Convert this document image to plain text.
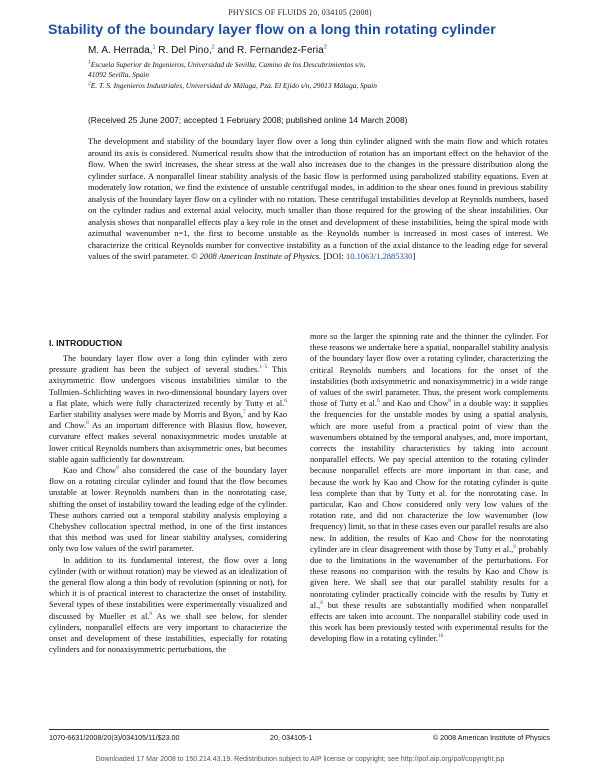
PHYSICS OF FLUIDS 20, 034105 (2008)
Stability of the boundary layer flow on a long thin rotating cylinder
M. A. Herrada,$^1$ R. Del Pino,$^2$ and R. Fernandez-Feria$^2$
$^1$Escuela Superior de Ingenieros, Universidad de Sevilla, Camino de los Descubrimientos s/n,
41092 Sevilla, Spain
$^2$E. T. S. Ingenieros Industriales, Universidad de Málaga, Pza. El Ejido s/n, 29013 Málaga, Spain
(Received 25 June 2007; accepted 1 February 2008; published online 14 March 2008)
The development and stability of the boundary layer flow over a long thin cylinder aligned with the main flow and which rotates around its axis is considered. Numerical results show that the introduction of rotation has an important effect on the behavior of the flow. When the swirl increases, the shear stress at the wall also increases due to the changes in the pressure distribution along the cylinder surface. A nonparallel linear stability analysis of the basic flow is performed using parabolized stability equations. Even at moderately low rotation, we find the existence of unstable centrifugal modes, in addition to the shear ones found in previous stability analysis of the boundary layer flow on a cylinder with no rotation. These centrifugal instabilities develop at Reynolds numbers, based on the cylinder radius and external axial velocity, much smaller than those required for the growing of the shear instabilities. Our analysis shows that nonparallel effects play a key role in the onset and development of these instabilities, being the spiral mode with azimuthal wavenumber n=1, the first to become unstable as the Reynolds number is increased in most cases of interest. We characterize the critical Reynolds number for convective instability as a function of the axial distance to the leading edge for several values of the swirl parameter. © 2008 American Institute of Physics. [DOI: 10.1063/1.2885330]
I. INTRODUCTION

The boundary layer flow over a long thin cylinder with zero pressure gradient has been the subject of several studies.$^{1-5}$ This axisymmetric flow undergoes viscous instabilities similar to the Tollmien–Schlichting waves in two-dimensional boundary layers over a flat plate, which were fully characterized recently by Tutty et al.$^6$ Earlier stability analyses were made by Morris and Byon,$^7$ and by Kao and Chow.$^8$ As an important difference with Blasius flow, however, curvature effect makes several nonaxisymmetric modes unstable at lower critical Reynolds numbers than axisymmetric ones, but becomes stable again sufficiently far downstream.

Kao and Chow$^8$ also considered the case of the boundary layer flow on a rotating circular cylinder and found that the flow becomes unstable at lower Reynolds numbers than in the nonrotating case, shifting the onset of instability toward the leading edge of the cylinder. These authors carried out a temporal stability analysis employing a Chebyshev collocation spectral method, in one of the first instances that this method was used for linear stability analyses, considering only two low values of the swirl parameter.

In addition to its fundamental interest, the flow over a long cylinder (with or without rotation) may be viewed as an idealization of the general flow along a thin body of revolution (spinning or not), for which it is of practical interest to characterize the onset of instability. Several types of these instabilities were experimentally visualized and discussed by Mueller et al.$^9$ As we shall see below, for slender cylinders, nonparallel effects are very important to characterize the onset and development of these instabilities, especially for rotating cylinders and for nonaxisymmetric perturbations, the

more so the larger the spinning rate and the thinner the cylinder. For these reasons we undertake here a spatial, nonparallel stability analysis of the boundary layer flow over a rotating cylinder, characterizing the critical Reynolds numbers and locations for the onset of the instabilities (both axisymmetric and nonaxisymmetric) in a wide range of values of the swirl parameter. Thus, the present work complements those of Tutty et al.$^6$ and Kao and Chow$^8$ in a double way: it supplies the frequencies for the unstable modes by using a spatial analysis, which are more useful from a practical point of view than the wavenumbers obtained by the temporal analyses, and, more important, corrects the instability characteristics by taking into account nonparallel effects. We pay special attention to the rotating cylinder because nonparallel effects are more important in that case, and because the work by Kao and Chow for the rotating cylinder is quite less complete than that by Tutty et al. for the nonrotating case. In particular, Kao and Chow considered only very low values of the rotation rate, and did not characterize the low wavenumber (low frequency) limit, so that in these cases even our parallel results are also new. In addition, the results of Kao and Chow for the nonrotating cylinder are in clear disagreement with those by Tutty et al.,$^6$ probably due to the limitations in the wavenumber of the perturbations. For these reasons no comparison with the results by Kao and Chow is given here. We shall see that our parallel stability results for a nonrotating cylinder practically coincide with the results by Tutty et al.,$^6$ but these results are substantially modified when nonparallel effects are taken into account. The nonparallel stability code used in this work has been previously tested with experimental results for the developing flow in a rotating cylinder.$^{10}$

1070-6631/2008/20(3)/034105/11/$23.00	20, 034105-1	© 2008 American Institute of Physics
Downloaded 17 Mar 2008 to 150.214.43.19. Redistribution subject to AIP license or copyright; see http://pof.aip.org/pof/copyright.jsp
